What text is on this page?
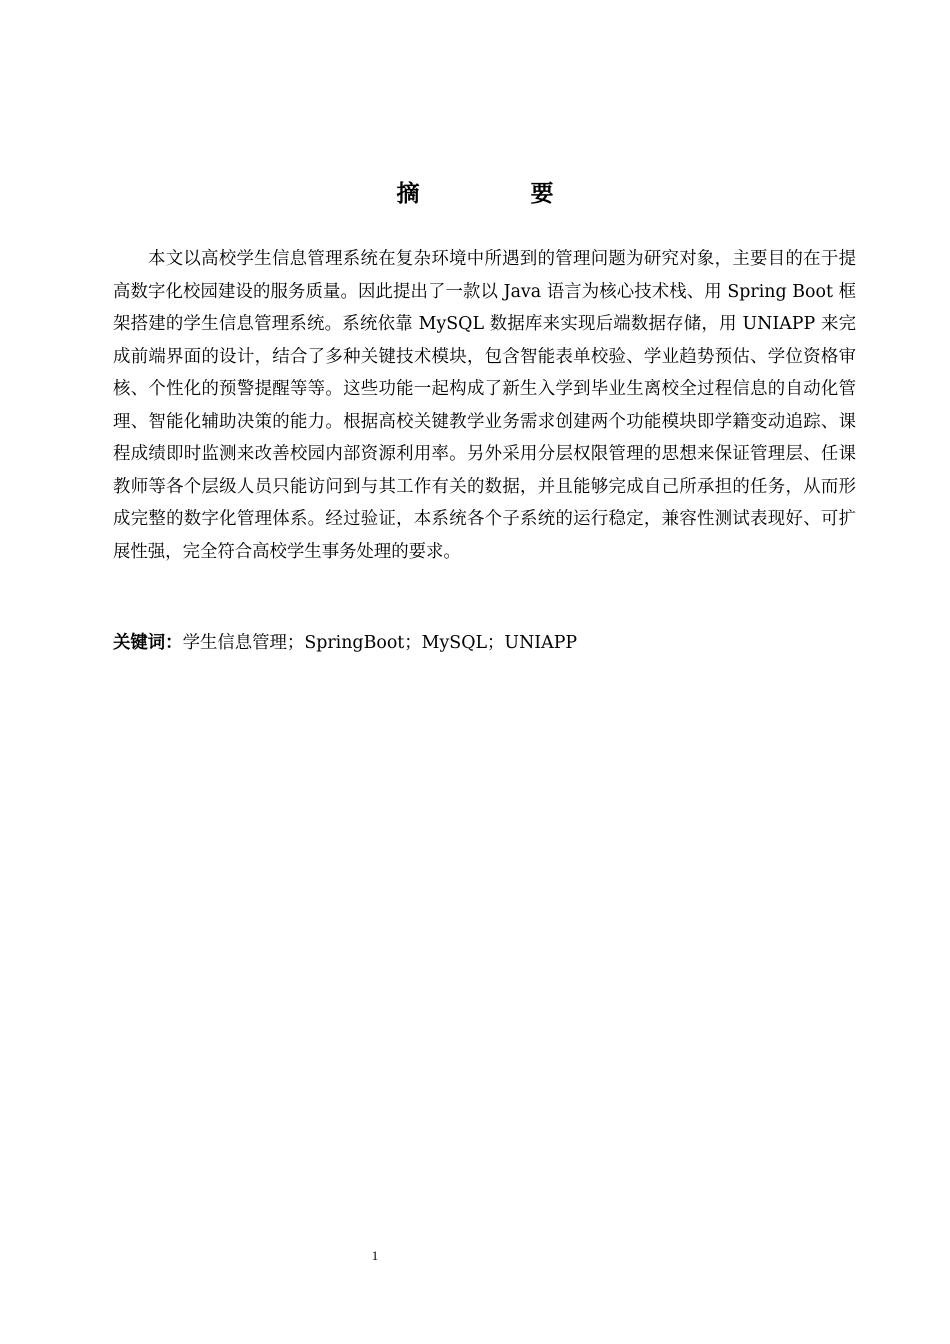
摘　要

本文以高校学生信息管理系统在复杂环境中所遇到的管理问题为研究对象，主要目的在于提高数字化校园建设的服务质量。因此提出了一款以 Java 语言为核心技术栈、用 Spring Boot 框架搭建的学生信息管理系统。系统依靠 MySQL 数据库来实现后端数据存储，用 UNIAPP 来完成前端界面的设计，结合了多种关键技术模块，包含智能表单校验、学业趋势预估、学位资格审核、个性化的预警提醒等等。这些功能一起构成了新生入学到毕业生离校全过程信息的自动化管理、智能化辅助决策的能力。根据高校关键教学业务需求创建两个功能模块即学籍变动追踪、课程成绩即时监测来改善校园内部资源利用率。另外采用分层权限管理的思想来保证管理层、任课教师等各个层级人员只能访问到与其工作有关的数据，并且能够完成自己所承担的任务，从而形成完整的数字化管理体系。经过验证，本系统各个子系统的运行稳定，兼容性测试表现好、可扩展性强，完全符合高校学生事务处理的要求。

关键词：学生信息管理；SpringBoot；MySQL；UNIAPP

1
